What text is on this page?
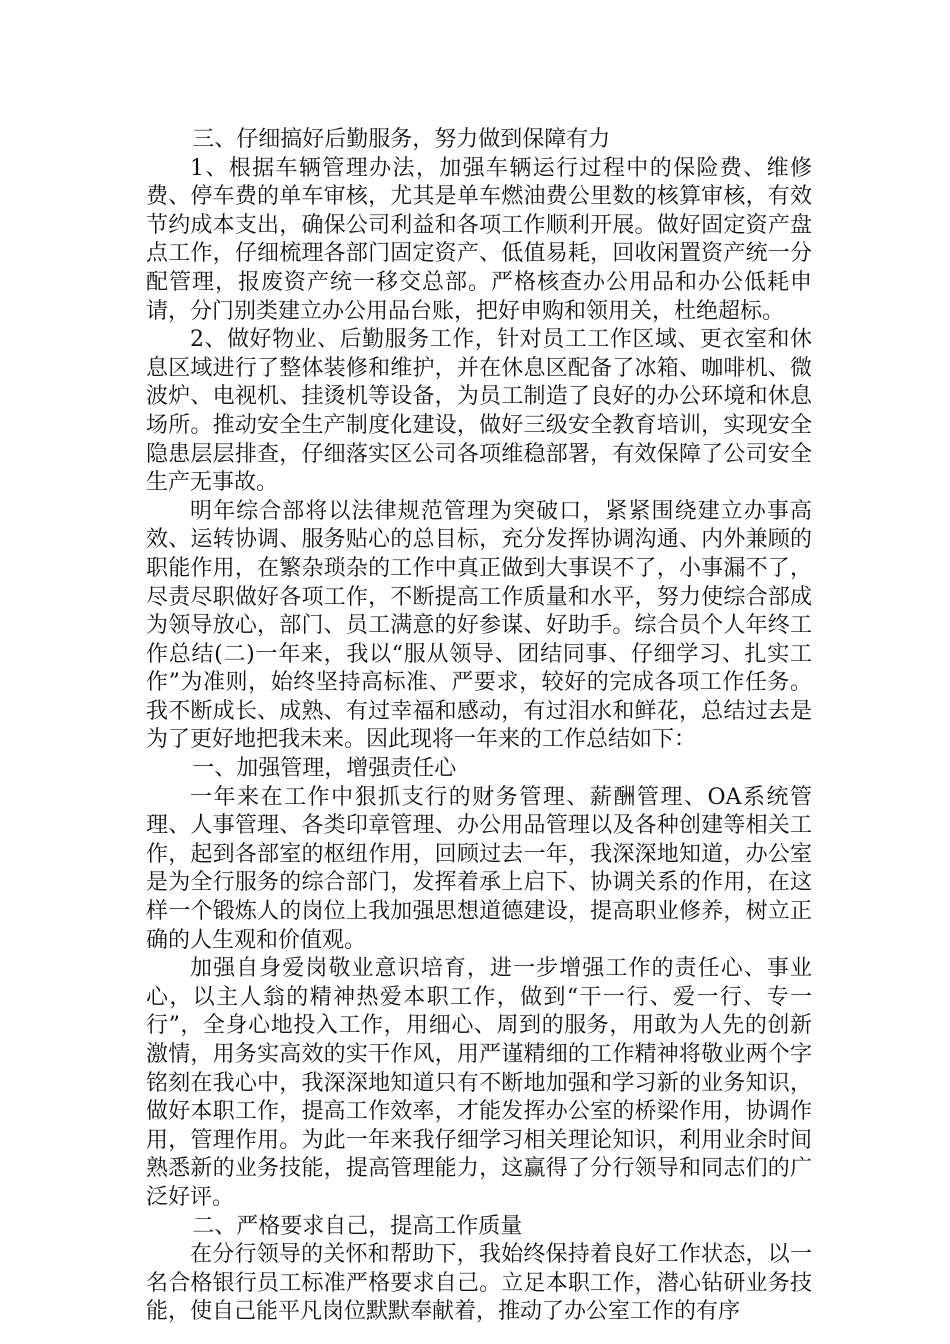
三、仔细搞好后勤服务，努力做到保障有力

1、根据车辆管理办法，加强车辆运行过程中的保险费、维修费、停车费的单车审核，尤其是单车燃油费公里数的核算审核，有效节约成本支出，确保公司利益和各项工作顺利开展。做好固定资产盘点工作，仔细梳理各部门固定资产、低值易耗，回收闲置资产统一分配管理，报废资产统一移交总部。严格核查办公用品和办公低耗申请，分门别类建立办公用品台账，把好申购和领用关，杜绝超标。

2、做好物业、后勤服务工作，针对员工工作区域、更衣室和休息区域进行了整体装修和维护，并在休息区配备了冰箱、咖啡机、微波炉、电视机、挂烫机等设备，为员工制造了良好的办公环境和休息场所。推动安全生产制度化建设，做好三级安全教育培训，实现安全隐患层层排查，仔细落实区公司各项维稳部署，有效保障了公司安全生产无事故。

明年综合部将以法律规范管理为突破口，紧紧围绕建立办事高效、运转协调、服务贴心的总目标，充分发挥协调沟通、内外兼顾的职能作用，在繁杂琐杂的工作中真正做到大事误不了，小事漏不了，尽责尽职做好各项工作，不断提高工作质量和水平，努力使综合部成为领导放心，部门、员工满意的好参谋、好助手。综合员个人年终工作总结(二)一年来，我以“服从领导、团结同事、仔细学习、扎实工作”为准则，始终坚持高标准、严要求，较好的完成各项工作任务。我不断成长、成熟、有过幸福和感动，有过泪水和鲜花，总结过去是为了更好地把我未来。因此现将一年来的工作总结如下：

一、加强管理，增强责任心

一年来在工作中狠抓支行的财务管理、薪酬管理、OA系统管理、人事管理、各类印章管理、办公用品管理以及各种创建等相关工作，起到各部室的枢纽作用，回顾过去一年，我深深地知道，办公室是为全行服务的综合部门，发挥着承上启下、协调关系的作用，在这样一个锻炼人的岗位上我加强思想道德建设，提高职业修养，树立正确的人生观和价值观。

加强自身爱岗敬业意识培育，进一步增强工作的责任心、事业心，以主人翁的精神热爱本职工作，做到“干一行、爱一行、专一行”，全身心地投入工作，用细心、周到的服务，用敢为人先的创新激情，用务实高效的实干作风，用严谨精细的工作精神将敬业两个字铭刻在我心中，我深深地知道只有不断地加强和学习新的业务知识，做好本职工作，提高工作效率，才能发挥办公室的桥梁作用，协调作用，管理作用。为此一年来我仔细学习相关理论知识，利用业余时间熟悉新的业务技能，提高管理能力，这赢得了分行领导和同志们的广泛好评。

二、严格要求自己，提高工作质量

在分行领导的关怀和帮助下，我始终保持着良好工作状态，以一名合格银行员工标准严格要求自己。立足本职工作，潜心钻研业务技能，使自己能平凡岗位默默奉献着，推动了办公室工作的有序
